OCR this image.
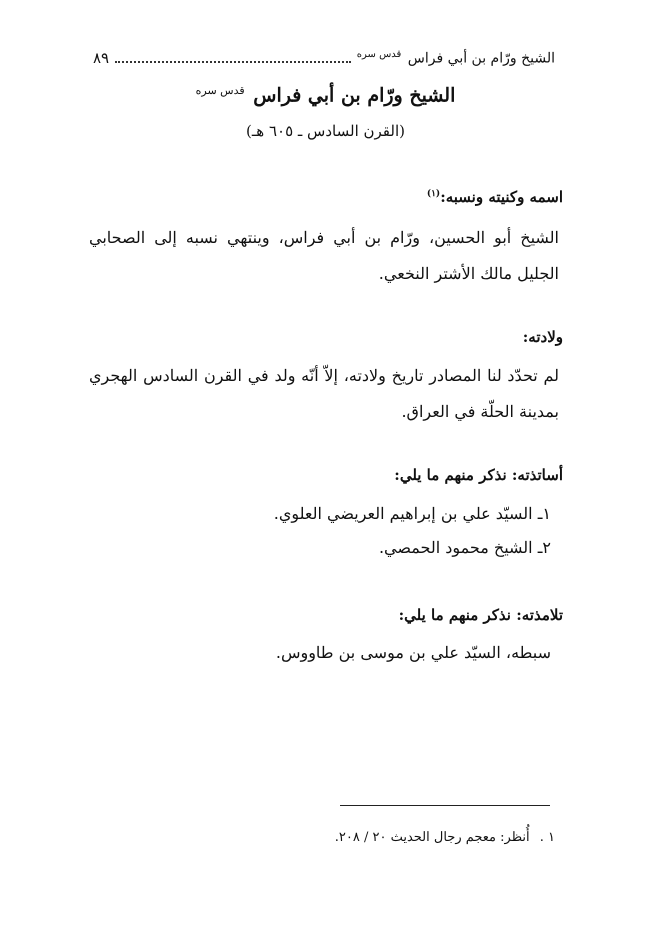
الشيخ ورّام بن أبي فراس $^{قدس سره}$
٨٩
الشيخ ورّام بن أبي فراس $^{قدس سره}$
(القرن السادس ـ ٦٠٥ هـ)
اسمه وكنيته ونسبه:$^{(١)}$
الشيخ أبو الحسين، ورّام بن أبي فراس، وينتهي نسبه إلى الصحابي الجليل مالك الأشتر النخعي.
ولادته:
لم تحدّد لنا المصادر تاريخ ولادته، إلاّ أنّه ولد في القرن السادس الهجري بمدينة الحلّة في العراق.
أساتذته: نذكر منهم ما يلي:
١ـ السيّد علي بن إبراهيم العريضي العلوي.
٢ـ الشيخ محمود الحمصي.
تلامذته: نذكر منهم ما يلي:
سبطه، السيّد علي بن موسى بن طاووس.
١ . أُنظر: معجم رجال الحديث ٢٠ / ٢٠٨.
